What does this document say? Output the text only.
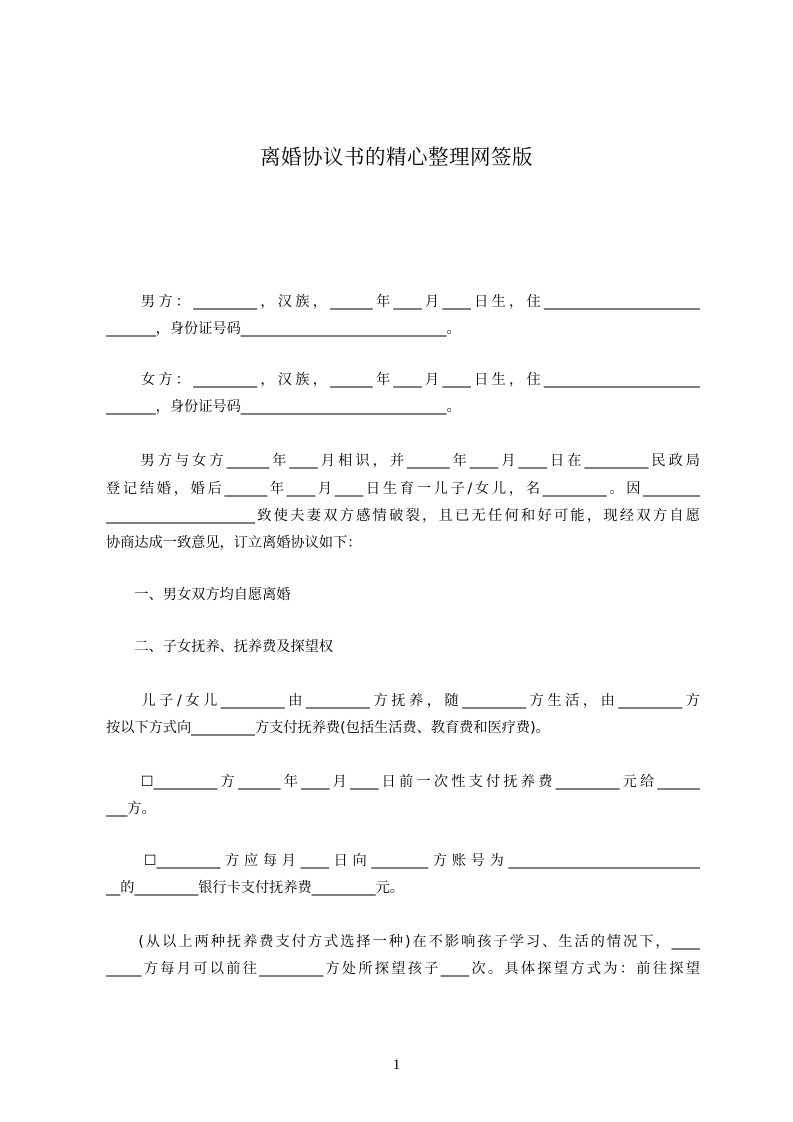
离婚协议书的精心整理网签版
　　男方：_________，汉族，______年____月____日生，住______________________
_______，身份证号码_____________________________。
　　女方：_________，汉族，______年____月____日生，住______________________
_______，身份证号码_____________________________。
　　男方与女方______年____月相识，并______年____月____日在_________民政局
登记结婚，婚后______年____月____日生育一儿子/女儿，名_________。因________
_____________________致使夫妻双方感情破裂，且已无任何和好可能，现经双方自愿
协商达成一致意见，订立离婚协议如下：
　　一、男女双方均自愿离婚
　　二、子女抚养、抚养费及探望权
　　儿子/女儿_________由_________方抚养，随_________方生活，由_________方
按以下方式向_________方支付抚养费(包括生活费、教育费和医疗费)。
　　☐_________方______年____月____日前一次性支付抚养费_________元给______
___方。
　　☐_________方应每月____日向________方账号为___________________________
__的_________银行卡支付抚养费_________元。
　　(从以上两种抚养费支付方式选择一种)在不影响孩子学习、生活的情况下，____
_____方每月可以前往_________方处所探望孩子____次。具体探望方式为：前往探望
1
